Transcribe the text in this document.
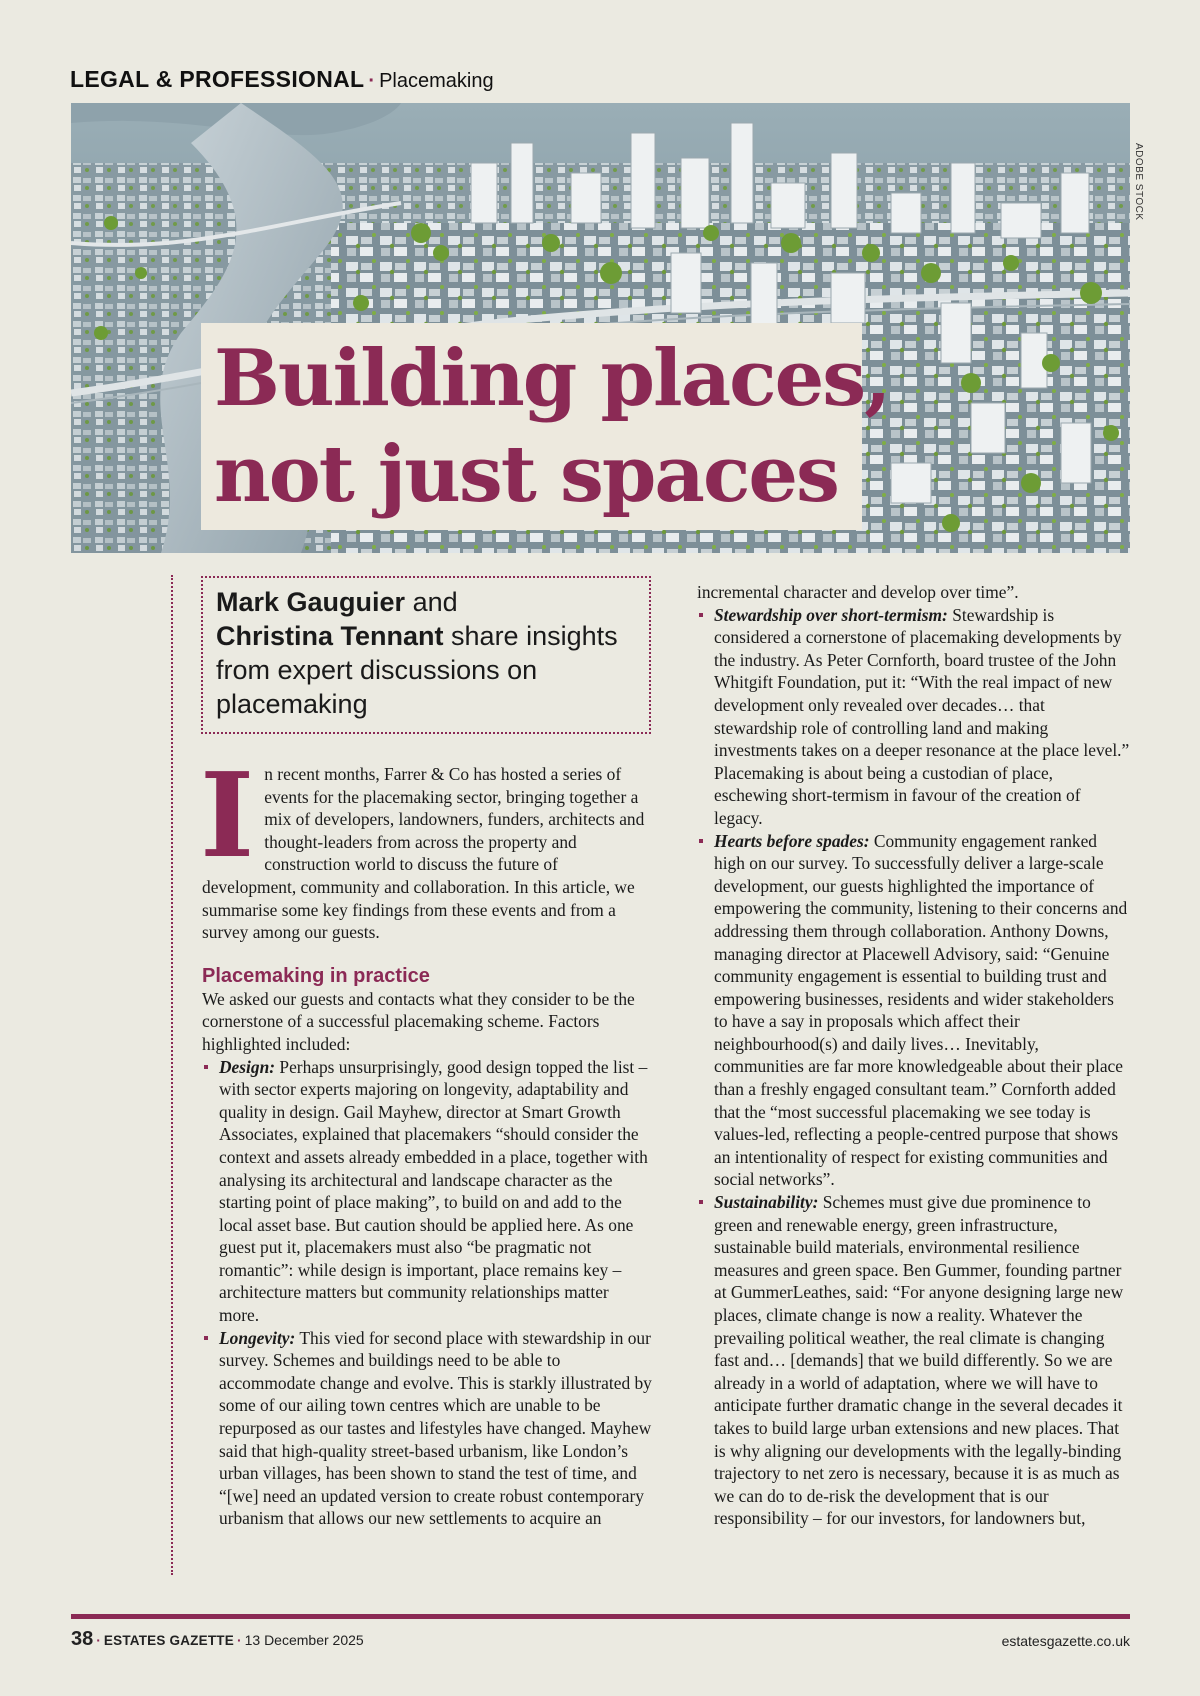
LEGAL & PROFESSIONAL · Placemaking
ADOBE STOCK
Building places,
not just spaces
Mark Gauguier and
Christina Tennant share insights from expert discussions on placemaking

In recent months, Farrer & Co has hosted a series of events for the placemaking sector, bringing together a mix of developers, landowners, funders, architects and thought-leaders from across the property and construction world to discuss the future of development, community and collaboration. In this article, we summarise some key findings from these events and from a survey among our guests.

Placemaking in practice

We asked our guests and contacts what they consider to be the cornerstone of a successful placemaking scheme. Factors highlighted included:

Design: Perhaps unsurprisingly, good design topped the list – with sector experts majoring on longevity, adaptability and quality in design. Gail Mayhew, director at Smart Growth Associates, explained that placemakers “should consider the context and assets already embedded in a place, together with analysing its architectural and landscape character as the starting point of place making”, to build on and add to the local asset base. But caution should be applied here. As one guest put it, placemakers must also “be pragmatic not romantic”: while design is important, place remains key – architecture matters but community relationships matter more.

Longevity: This vied for second place with stewardship in our survey. Schemes and buildings need to be able to accommodate change and evolve. This is starkly illustrated by some of our ailing town centres which are unable to be repurposed as our tastes and lifestyles have changed. Mayhew said that high-quality street-based urbanism, like London’s urban villages, has been shown to stand the test of time, and “[we] need an updated version to create robust contemporary urbanism that allows our new settlements to acquire an

incremental character and develop over time”.

Stewardship over short-termism: Stewardship is considered a cornerstone of placemaking developments by the industry. As Peter Cornforth, board trustee of the John Whitgift Foundation, put it: “With the real impact of new development only revealed over decades… that stewardship role of controlling land and making investments takes on a deeper resonance at the place level.” Placemaking is about being a custodian of place, eschewing short-termism in favour of the creation of legacy.

Hearts before spades: Community engagement ranked high on our survey. To successfully deliver a large-scale development, our guests highlighted the importance of empowering the community, listening to their concerns and addressing them through collaboration. Anthony Downs, managing director at Placewell Advisory, said: “Genuine community engagement is essential to building trust and empowering businesses, residents and wider stakeholders to have a say in proposals which affect their neighbourhood(s) and daily lives… Inevitably, communities are far more knowledgeable about their place than a freshly engaged consultant team.” Cornforth added that the “most successful placemaking we see today is values-led, reflecting a people-centred purpose that shows an intentionality of respect for existing communities and social networks”.

Sustainability: Schemes must give due prominence to green and renewable energy, green infrastructure, sustainable build materials, environmental resilience measures and green space. Ben Gummer, founding partner at GummerLeathes, said: “For anyone designing large new places, climate change is now a reality. Whatever the prevailing political weather, the real climate is changing fast and… [demands] that we build differently. So we are already in a world of adaptation, where we will have to anticipate further dramatic change in the several decades it takes to build large urban extensions and new places. That is why aligning our developments with the legally-binding trajectory to net zero is necessary, because it is as much as we can do to de-risk the development that is our responsibility – for our investors, for landowners but,

38 · ESTATES GAZETTE · 13 December 2025	estatesgazette.co.uk
